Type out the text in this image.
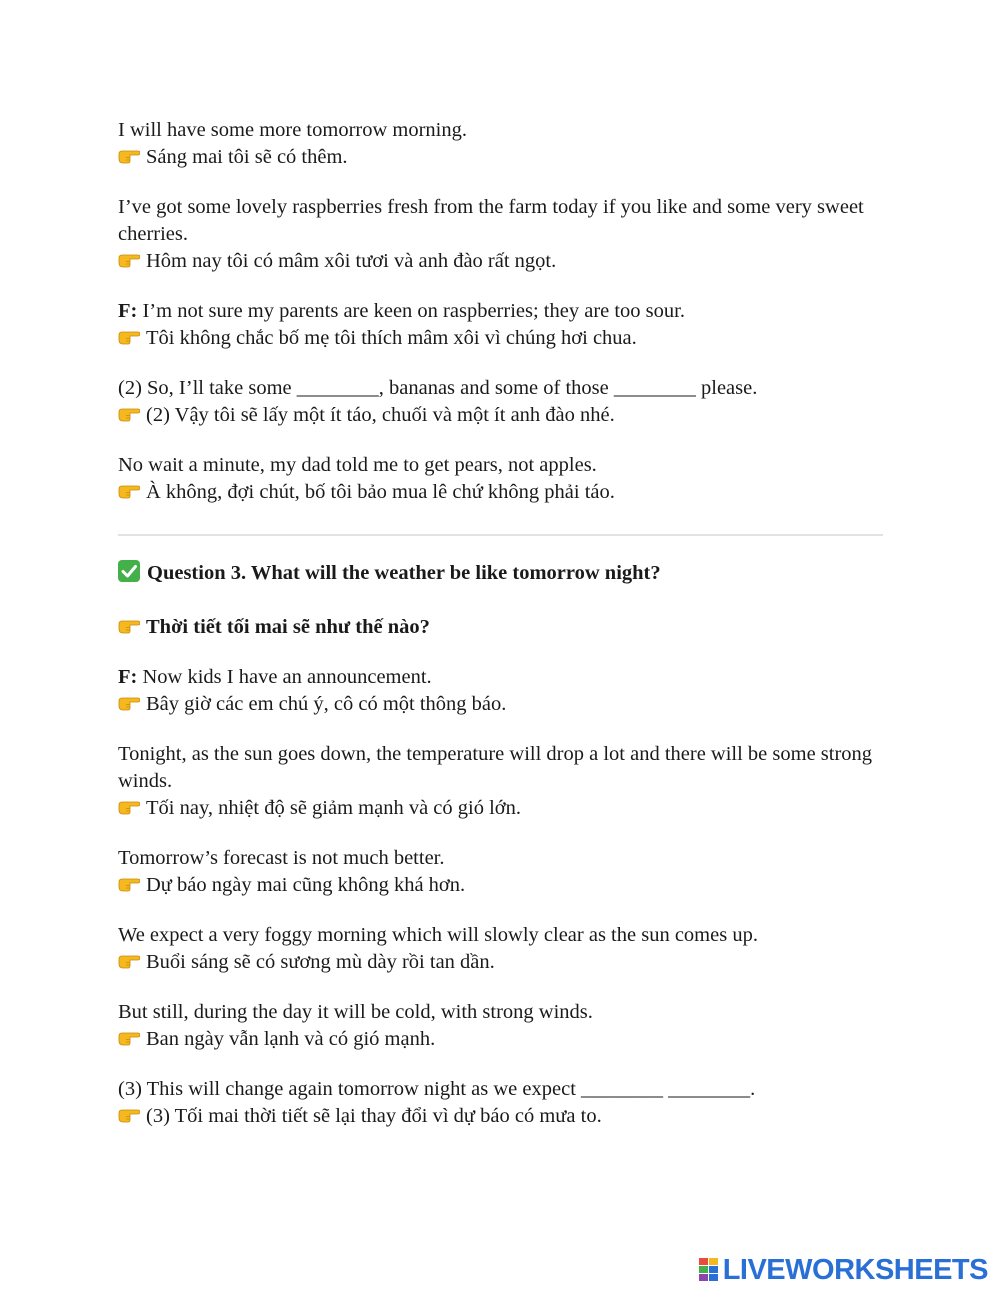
I will have some more tomorrow morning.
Sáng mai tôi sẽ có thêm.
I’ve got some lovely raspberries fresh from the farm today if you like and some very sweet cherries.
Hôm nay tôi có mâm xôi tươi và anh đào rất ngọt.
F: I’m not sure my parents are keen on raspberries; they are too sour.
Tôi không chắc bố mẹ tôi thích mâm xôi vì chúng hơi chua.
(2) So, I’ll take some ________, bananas and some of those ________ please.
(2) Vậy tôi sẽ lấy một ít táo, chuối và một ít anh đào nhé.
No wait a minute, my dad told me to get pears, not apples.
À không, đợi chút, bố tôi bảo mua lê chứ không phải táo.
Question 3. What will the weather be like tomorrow night?
Thời tiết tối mai sẽ như thế nào?
F: Now kids I have an announcement.
Bây giờ các em chú ý, cô có một thông báo.
Tonight, as the sun goes down, the temperature will drop a lot and there will be some strong winds.
Tối nay, nhiệt độ sẽ giảm mạnh và có gió lớn.
Tomorrow’s forecast is not much better.
Dự báo ngày mai cũng không khá hơn.
We expect a very foggy morning which will slowly clear as the sun comes up.
Buổi sáng sẽ có sương mù dày rồi tan dần.
But still, during the day it will be cold, with strong winds.
Ban ngày vẫn lạnh và có gió mạnh.
(3) This will change again tomorrow night as we expect ________ ________.
(3) Tối mai thời tiết sẽ lại thay đổi vì dự báo có mưa to.
LIVEWORKSHEETS
